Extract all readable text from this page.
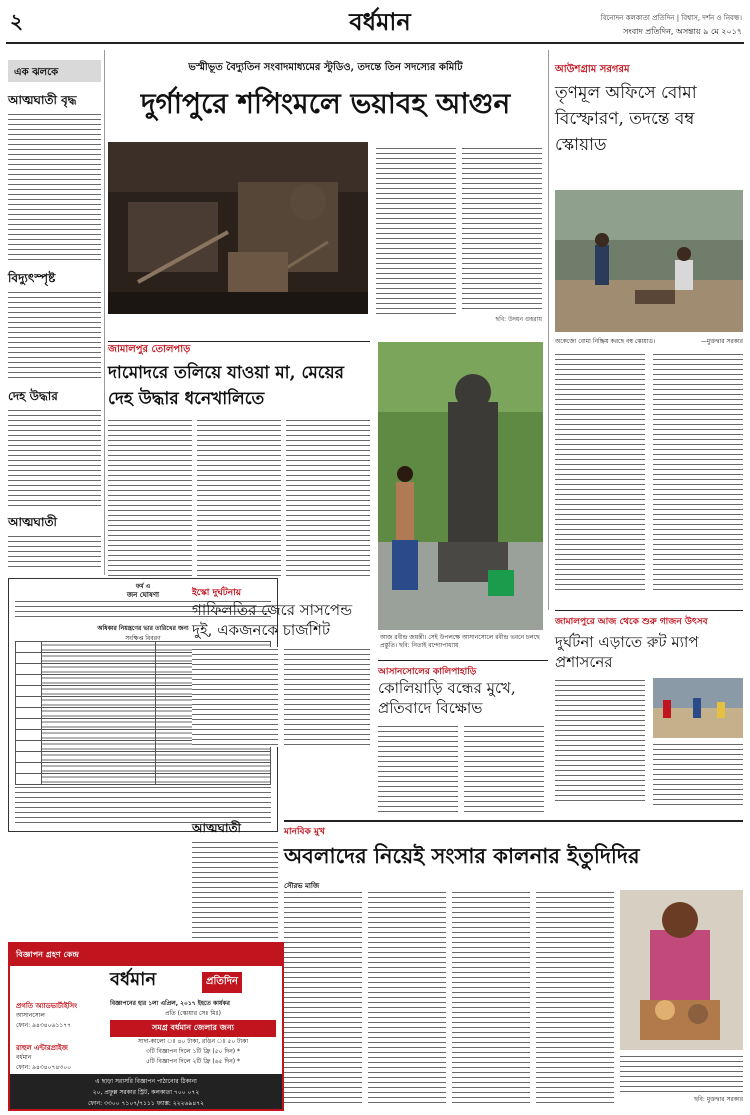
২	বর্ধমান	বিনোদন কলকাতা প্রতিদিন | বিশ্বাস, দর্শন ও নিবন্ধ।
সংবাদ প্রতিদিন, অসন্তায় ৯ মে ২০১৭
এক ঝলকে
আত্মঘাতী বৃদ্ধ
বিদ্যুৎস্পৃষ্ট
দেহ উদ্ধার
আত্মঘাতী
ভস্মীভূত বৈদ্যুতিন সংবাদমাধ্যমের স্টুডিও, তদন্তে তিন সদস্যের কমিটি
দুর্গাপুরে শপিংমলে ভয়াবহ আগুন
ছবি: উদয়ন গুহরায়
আউশগ্রাম সরগরম
তৃণমূল অফিসে বোমা বিস্ফোরণ, তদন্তে বম্ব স্কোয়াড
অকেজো বোমা নিষ্ক্রিয় করছে বম্ব স্কোয়াড।	—মুক্তদ্বার সরকার
জামালপুর তোলপাড়
দামোদরে তলিয়ে যাওয়া মা, মেয়ের দেহ উদ্ধার ধনেখালিতে
আজ রবীন্দ্র জয়ন্তী। সেই উপলক্ষে আসানসোলে রবীন্দ্র ভবনে চলছে প্রস্তুতি। ছবি: নিতাই বন্দ্যোপাধ্যায়
জামালপুরে আজ থেকে শুরু গাজন উৎসব
দুর্ঘটনা এড়াতে রুট ম্যাপ প্রশাসনের
ফর্ম এ
জন ঘোষণা
অধিকার নিয়ন্ত্রণের ভার তারিখের জন্য
সংক্ষিপ্ত বিবরণ

ইস্কো দুর্ঘটনায়
গাফিলতির জেরে সাসপেন্ড দুই, একজনকে চার্জশিট
আত্মঘাতী
আসানসোলের কালিপাহাড়ি
কোলিয়াড়ি বন্ধের মুখে, প্রতিবাদে বিক্ষোভ
মানবিক মুখ
অবলাদের নিয়েই সংসার কালনার ইতুদিদির
সৌরভ মাজি
ছবি: মুক্তদ্বার সরকার
বিজ্ঞাপন গ্রহণ কেন্দ্র
বর্ধমান	প্রতিদিন
প্রগতি অ্যাডভার্টাইসিং
আসানসোল
ফোন: ৯৪৩৪০৬১১৭৭
রাহুল এন্টারপ্রাইজ
বর্ধমান
ফোন: ৯৪৩৪০৭৪৩০০
বিজ্ঞাপনের হার ১লা এপ্রিল, ২০১৭ ইহতে কার্যকর
প্রতি (স্কোয়ার সেঃ মিঃ)
সমগ্র বর্ধমান জেলার জন্য
সাদা-কালো ঃ ৪০ টাকা, রঙিন ঃ ৫০ টাকা
৩টি বিজ্ঞাপন দিলে ১টি ফ্রি (৫০ দিন) *
৫টি বিজ্ঞাপন দিলে ২টি ফ্রি (৬৫ দিন) *
এ ছাড়া সরাসরি বিজ্ঞাপন পাঠানোর ঠিকানা
২০, প্রফুল্ল সরকার স্ট্রিট, কলকাতা ৭০০ ০৭২
ফোন: ৩৩০০ ৭১০৭/৭১১১ ফ্যাক্স: ২২২৬৯৪৭২
